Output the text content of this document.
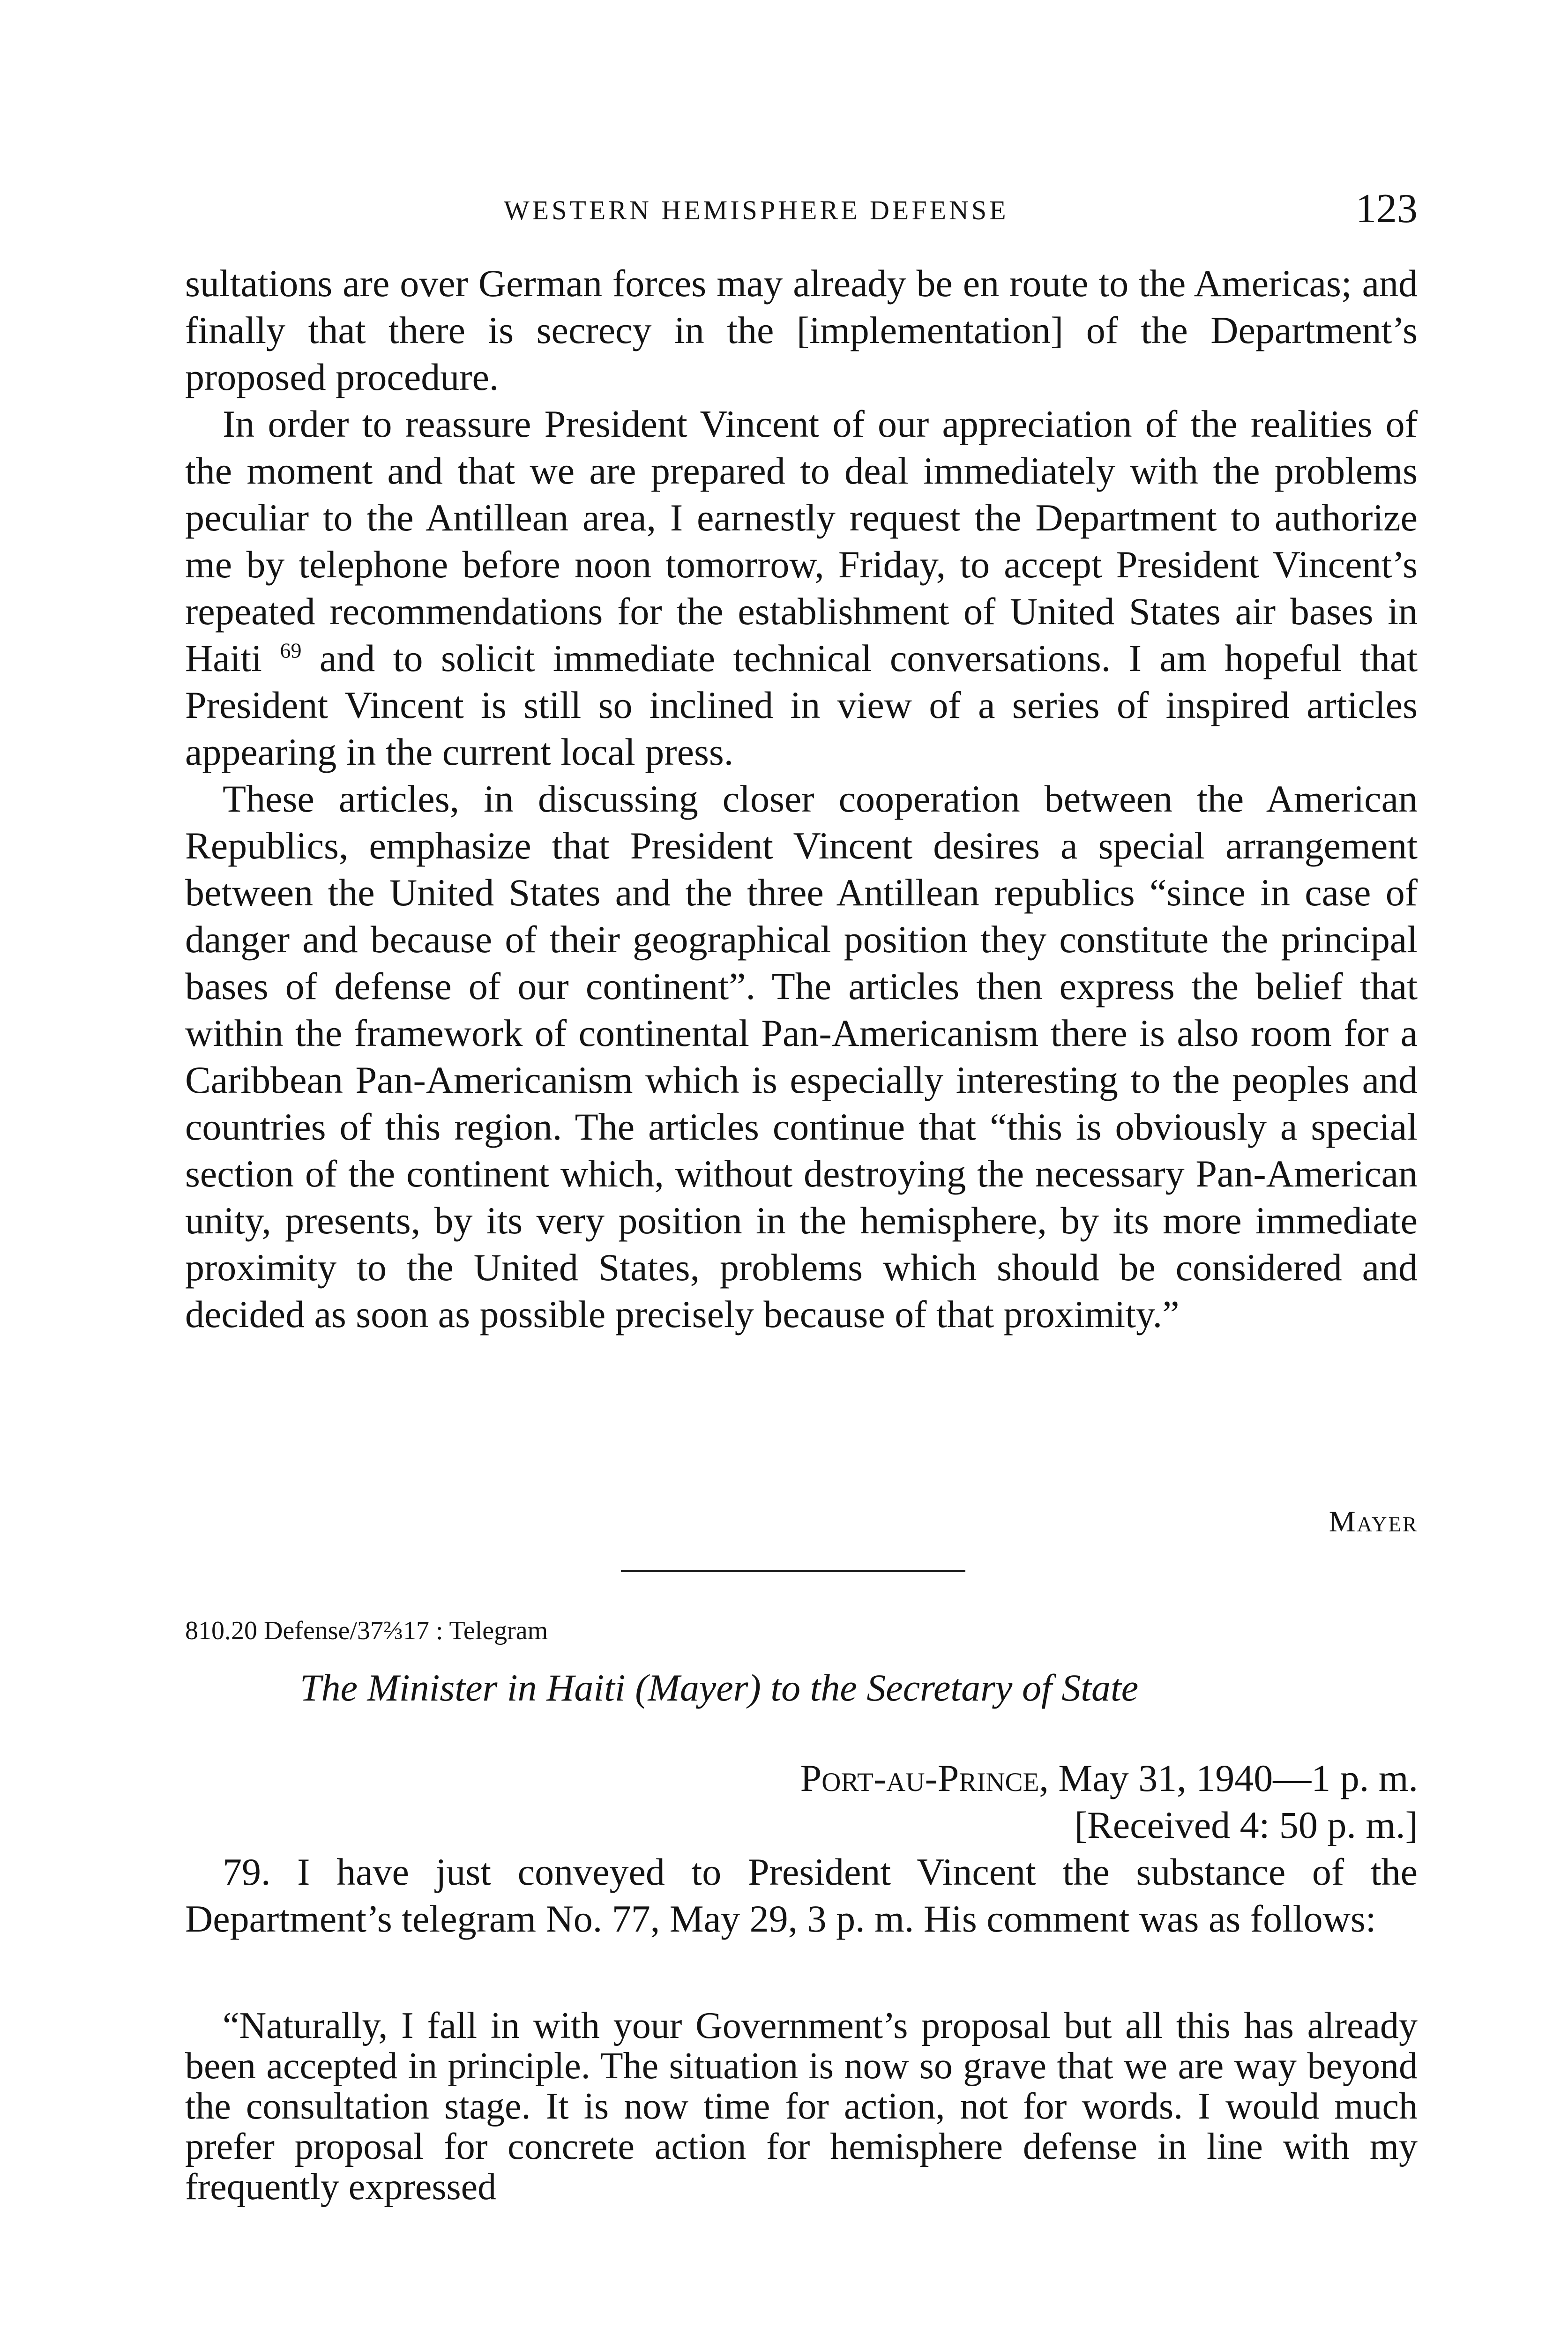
WESTERN HEMISPHERE DEFENSE	123

sultations are over German forces may already be en route to the Americas; and finally that there is secrecy in the [implementation] of the Department’s proposed procedure.

In order to reassure President Vincent of our appreciation of the realities of the moment and that we are prepared to deal immediately with the problems peculiar to the Antillean area, I earnestly request the Department to authorize me by telephone before noon tomorrow, Friday, to accept President Vincent’s repeated recommendations for the establishment of United States air bases in Haiti $^{69}$ and to solicit immediate technical conversations. I am hopeful that President Vincent is still so inclined in view of a series of inspired articles appearing in the current local press.

These articles, in discussing closer cooperation between the American Republics, emphasize that President Vincent desires a special arrangement between the United States and the three Antillean republics “since in case of danger and because of their geographical position they constitute the principal bases of defense of our continent”. The articles then express the belief that within the framework of continental Pan-Americanism there is also room for a Caribbean Pan-Americanism which is especially interesting to the peoples and countries of this region. The articles continue that “this is obviously a special section of the continent which, without destroying the necessary Pan-American unity, presents, by its very position in the hemisphere, by its more immediate proximity to the United States, problems which should be considered and decided as soon as possible precisely because of that proximity.”

Mayer
810.20 Defense/37⅔17 : Telegram
The Minister in Haiti (Mayer) to the Secretary of State
Port-au-Prince, May 31, 1940—1 p. m.
[Received 4: 50 p. m.]

79. I have just conveyed to President Vincent the substance of the Department’s telegram No. 77, May 29, 3 p. m. His comment was as follows:

“Naturally, I fall in with your Government’s proposal but all this has already been accepted in principle. The situation is now so grave that we are way beyond the consultation stage. It is now time for action, not for words. I would much prefer proposal for concrete action for hemisphere defense in line with my frequently expressed
